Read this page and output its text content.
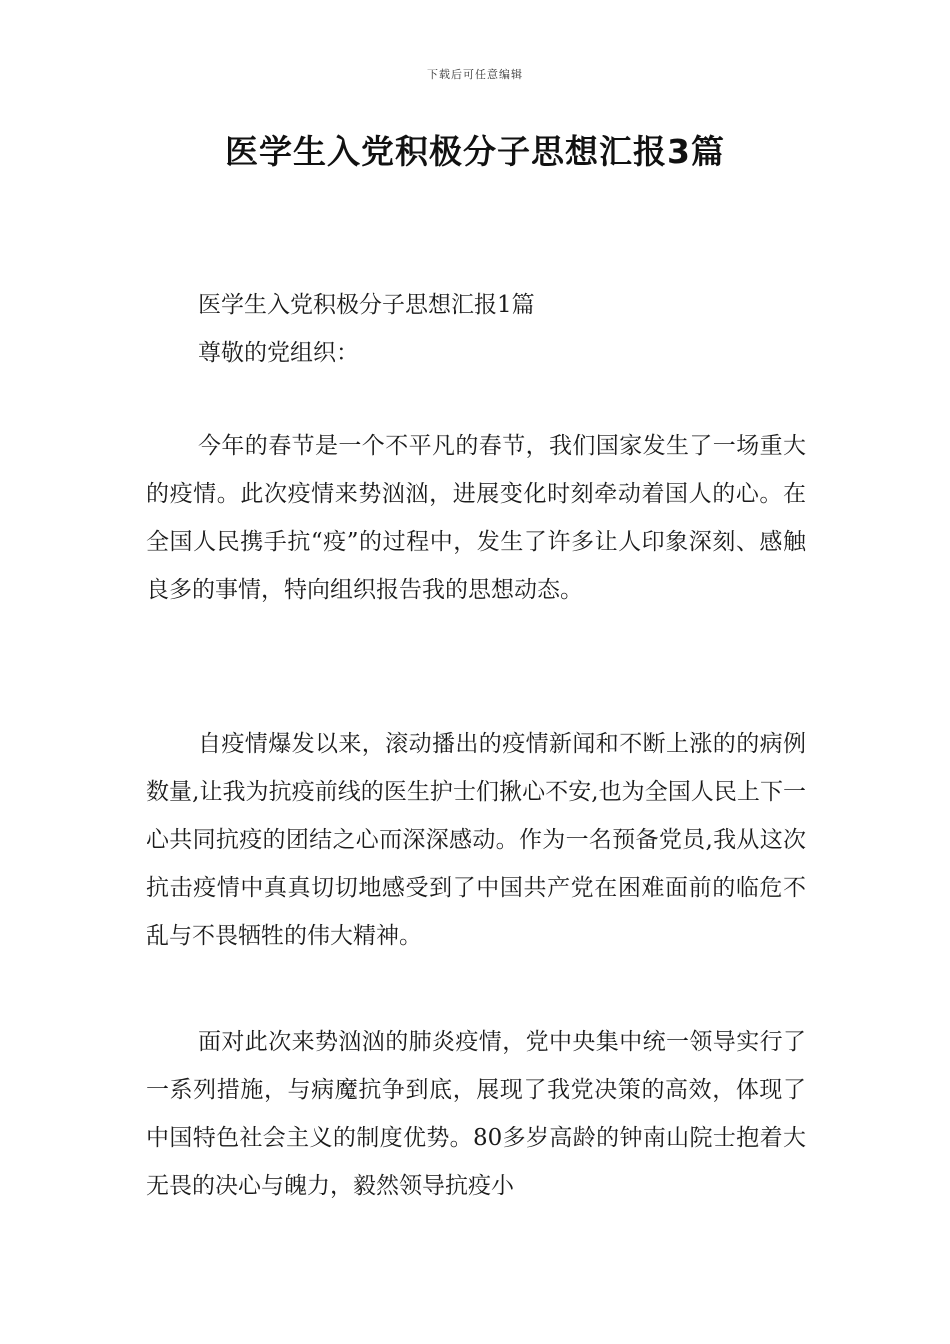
下载后可任意编辑
医学生入党积极分子思想汇报3篇

医学生入党积极分子思想汇报1篇

尊敬的党组织：

今年的春节是一个不平凡的春节，我们国家发生了一场重大的疫情。此次疫情来势汹汹，进展变化时刻牵动着国人的心。在全国人民携手抗“疫”的过程中，发生了许多让人印象深刻、感触良多的事情，特向组织报告我的思想动态。

自疫情爆发以来，滚动播出的疫情新闻和不断上涨的的病例数量,让我为抗疫前线的医生护士们揪心不安,也为全国人民上下一心共同抗疫的团结之心而深深感动。作为一名预备党员,我从这次抗击疫情中真真切切地感受到了中国共产党在困难面前的临危不乱与不畏牺牲的伟大精神。

面对此次来势汹汹的肺炎疫情，党中央集中统一领导实行了一系列措施，与病魔抗争到底，展现了我党决策的高效，体现了中国特色社会主义的制度优势。80多岁高龄的钟南山院士抱着大无畏的决心与魄力，毅然领导抗疫小
